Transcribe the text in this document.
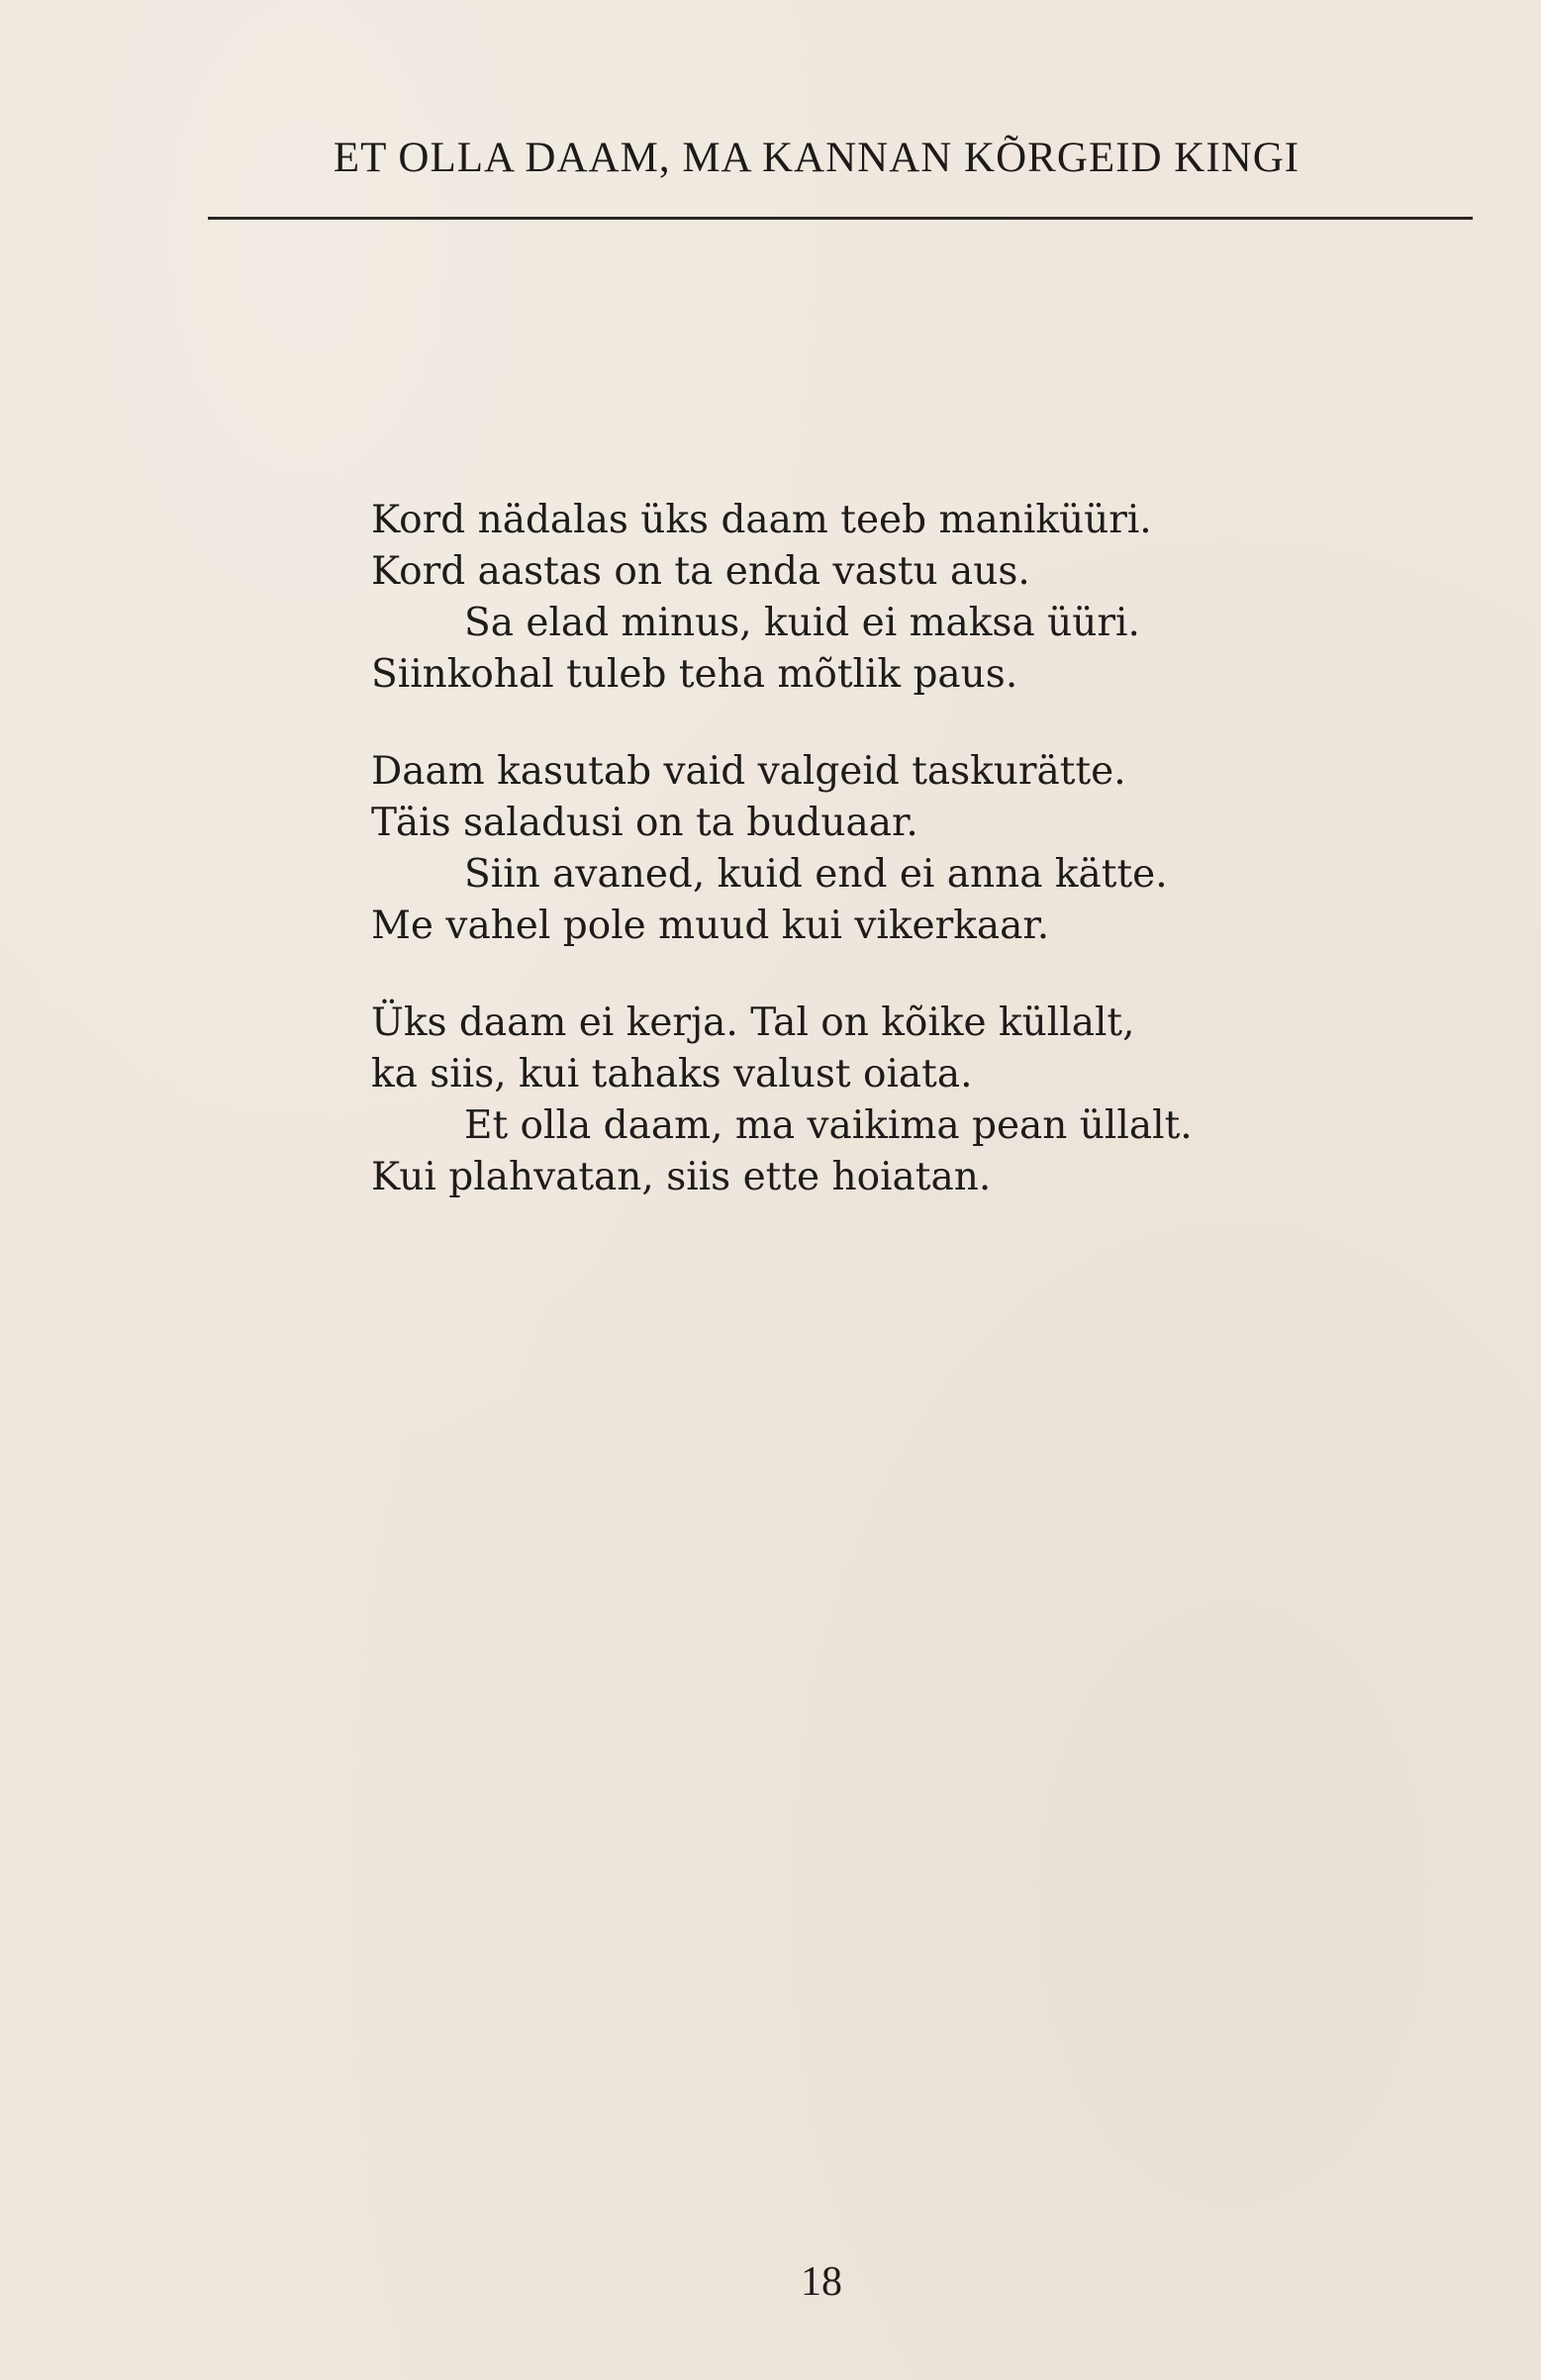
ET OLLA DAAM, MA KANNAN KÕRGEID KINGI
Kord nädalas üks daam teeb maniküüri.
Kord aastas on ta enda vastu aus.
Sa elad minus, kuid ei maksa üüri.
Siinkohal tuleb teha mõtlik paus.
Daam kasutab vaid valgeid taskurätte.
Täis saladusi on ta buduaar.
Siin avaned, kuid end ei anna kätte.
Me vahel pole muud kui vikerkaar.
Üks daam ei kerja. Tal on kõike küllalt,
ka siis, kui tahaks valust oiata.
Et olla daam, ma vaikima pean üllalt.
Kui plahvatan, siis ette hoiatan.
18
